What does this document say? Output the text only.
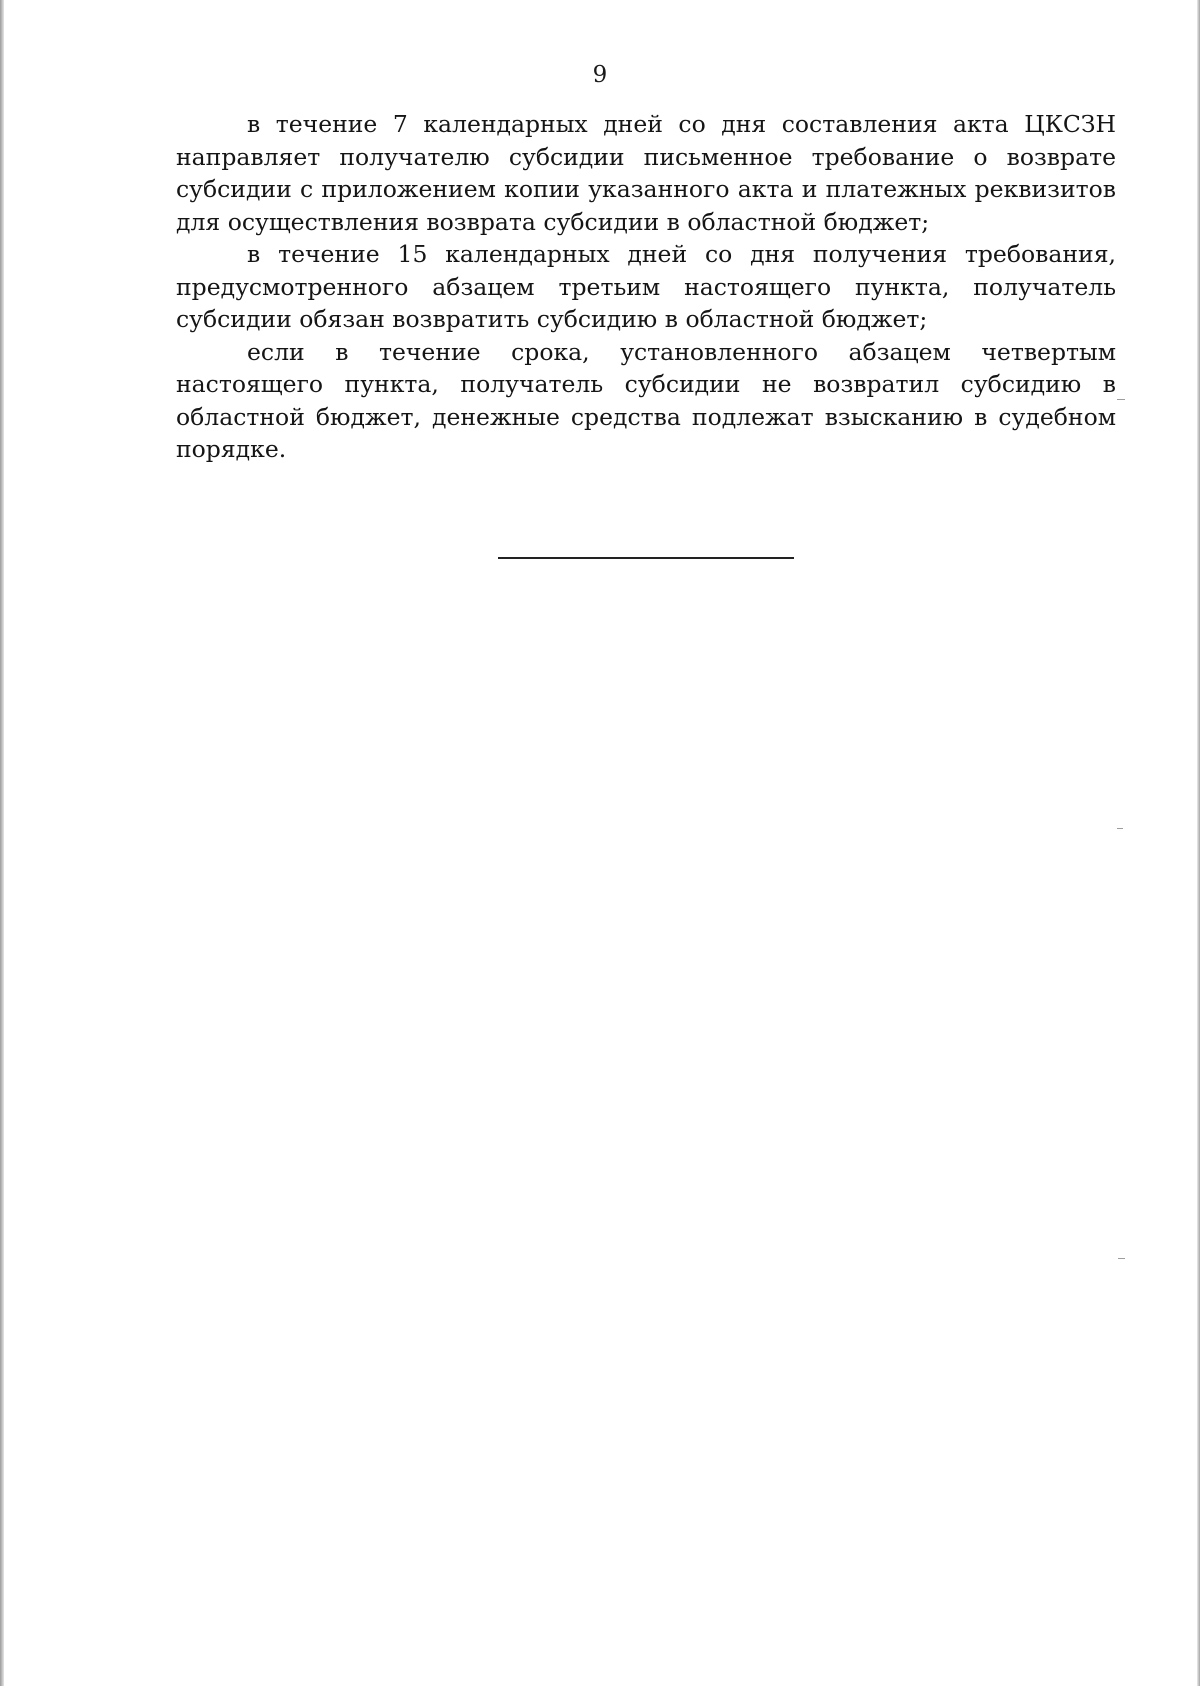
9

в течение 7 календарных дней со дня составления акта ЦКСЗН направляет получателю субсидии письменное требование о возврате субсидии с приложением копии указанного акта и платежных реквизитов для осуществления возврата субсидии в областной бюджет;

в течение 15 календарных дней со дня получения требования, предусмотренного абзацем третьим настоящего пункта, получатель субсидии обязан возвратить субсидию в областной бюджет;

если в течение срока, установленного абзацем четвертым настоящего пункта, получатель субсидии не возвратил субсидию в областной бюджет, денежные средства подлежат взысканию в судебном порядке.
